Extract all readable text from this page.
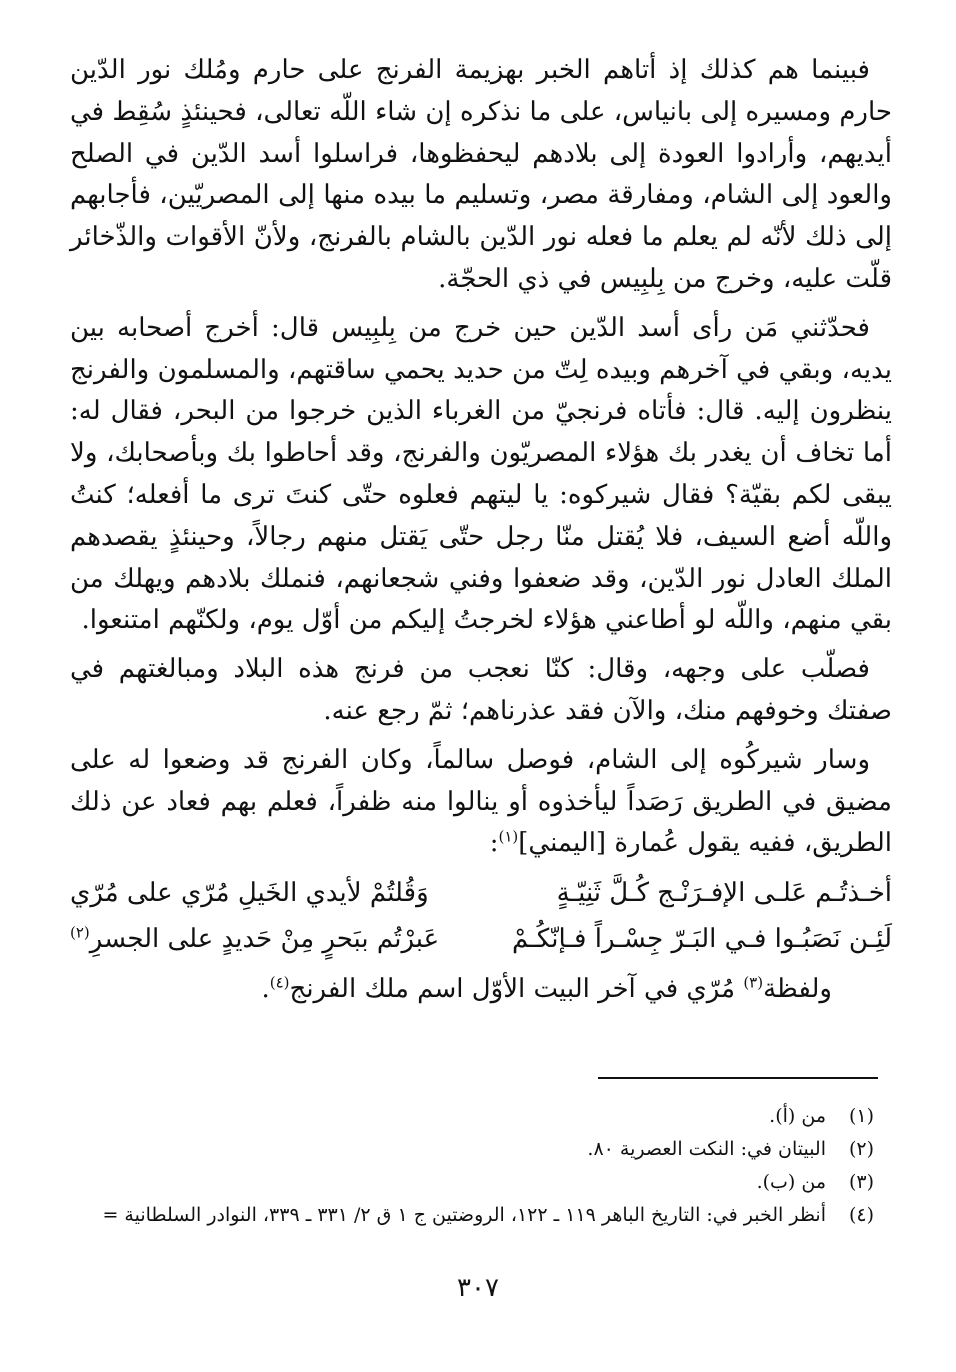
فبينما هم كذلك إذ أتاهم الخبر بهزيمة الفرنج على حارم ومُلك نور الدّين حارم ومسيره إلى بانياس، على ما نذكره إن شاء اللّه تعالى، فحينئذٍ سُقِط في أيديهم، وأرادوا العودة إلى بلادهم ليحفظوها، فراسلوا أسد الدّين في الصلح والعود إلى الشام، ومفارقة مصر، وتسليم ما بيده منها إلى المصريّين، فأجابهم إلى ذلك لأنّه لم يعلم ما فعله نور الدّين بالشام بالفرنج، ولأنّ الأقوات والذّخائر قلّت عليه، وخرج من بِلبِيس في ذي الحجّة.

فحدّثني مَن رأى أسد الدّين حين خرج من بِلبِيس قال: أخرج أصحابه بين يديه، وبقي في آخرهم وبيده لِتّ من حديد يحمي ساقتهم، والمسلمون والفرنج ينظرون إليه. قال: فأتاه فرنجيّ من الغرباء الذين خرجوا من البحر، فقال له: أما تخاف أن يغدر بك هؤلاء المصريّون والفرنج، وقد أحاطوا بك وبأصحابك، ولا يبقى لكم بقيّة؟ فقال شيركوه: يا ليتهم فعلوه حتّى كنتَ ترى ما أفعله؛ كنتُ واللّه أضع السيف، فلا يُقتل منّا رجل حتّى يَقتل منهم رجالاً، وحينئذٍ يقصدهم الملك العادل نور الدّين، وقد ضعفوا وفني شجعانهم، فنملك بلادهم ويهلك من بقي منهم، واللّه لو أطاعني هؤلاء لخرجتُ إليكم من أوّل يوم، ولكنّهم امتنعوا.

فصلّب على وجهه، وقال: كنّا نعجب من فرنج هذه البلاد ومبالغتهم في صفتك وخوفهم منك، والآن فقد عذرناهم؛ ثمّ رجع عنه.

وسار شيركُوه إلى الشام، فوصل سالماً، وكان الفرنج قد وضعوا له على مضيق في الطريق رَصَداً ليأخذوه أو ينالوا منه ظفراً، فعلم بهم فعاد عن ذلك الطريق، ففيه يقول عُمارة [اليمني]$^{(١)}$:

أخـذتُـم عَلـى الإفـرَنْـج كُـلَّ ثَنِيّـةٍ
وَقُلتُمْ لأيدي الخَيلِ مُرّي على مُرّي
لَئِـن نَصَبُـوا فـي البَـرّ جِسْـراً فـإنّكُـمْ
عَبرْتُم ببَحرٍ مِنْ حَديدٍ على الجسرِ$^{(٢)}$

ولفظة$^{(٣)}$ مُرّي في آخر البيت الأوّل اسم ملك الفرنج$^{(٤)}$.

(١)
من (أ).
(٢)
البيتان في: النكت العصرية ٨٠.
(٣)
من (ب).
(٤)
أنظر الخبر في: التاريخ الباهر ١١٩ ـ ١٢٢، الروضتين ج ١ ق ٢/ ٣٣١ ـ ٣٣٩، النوادر السلطانية =
٣٠٧
